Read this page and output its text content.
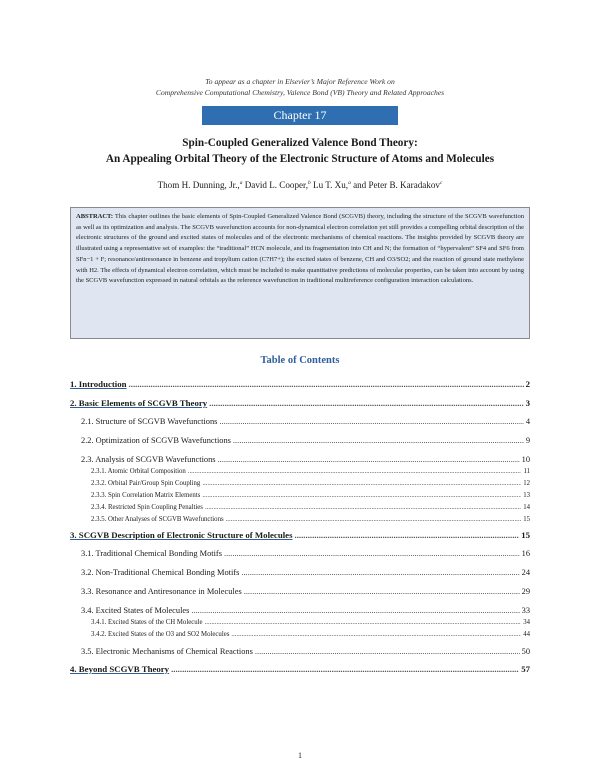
To appear as a chapter in Elsevier’s Major Reference Work on
Comprehensive Computational Chemistry, Valence Bond (VB) Theory and Related Approaches
Chapter 17
Spin-Coupled Generalized Valence Bond Theory:
An Appealing Orbital Theory of the Electronic Structure of Atoms and Molecules
Thom H. Dunning, Jr.,$^a$ David L. Cooper,$^b$ Lu T. Xu,$^a$ and Peter B. Karadakov$^c$
ABSTRACT: This chapter outlines the basic elements of Spin-Coupled Generalized Valence Bond (SCGVB) theory, including the structure of the SCGVB wavefunction as well as its optimization and analysis. The SCGVB wavefunction accounts for non-dynamical electron correlation yet still provides a compelling orbital description of the electronic structures of the ground and excited states of molecules and of the electronic mechanisms of chemical reactions. The insights provided by SCGVB theory are illustrated using a representative set of examples: the “traditional” HCN molecule, and its fragmentation into CH and N; the formation of “hypervalent” SF4 and SF6 from SFn−1 + F; resonance/antiresonance in benzene and tropylium cation (C7H7+); the excited states of benzene, CH and O3/SO2; and the reaction of ground state methylene with H2. The effects of dynamical electron correlation, which must be included to make quantitative predictions of molecular properties, can be taken into account by using the SCGVB wavefunction expressed in natural orbitals as the reference wavefunction in traditional multireference configuration interaction calculations.
Table of Contents
1. Introduction .....	2
2. Basic Elements of SCGVB Theory .....	3
2.1. Structure of SCGVB Wavefunctions .....	4
2.2. Optimization of SCGVB Wavefunctions .....	9
2.3. Analysis of SCGVB Wavefunctions .....	10
2.3.1. Atomic Orbital Composition .....	11
2.3.2. Orbital Pair/Group Spin Coupling .....	12
2.3.3. Spin Correlation Matrix Elements .....	13
2.3.4. Restricted Spin Coupling Penalties .....	14
2.3.5. Other Analyses of SCGVB Wavefunctions .....	15
3. SCGVB Description of Electronic Structure of Molecules .....	15
3.1. Traditional Chemical Bonding Motifs .....	16
3.2. Non-Traditional Chemical Bonding Motifs .....	24
3.3. Resonance and Antiresonance in Molecules .....	29
3.4. Excited States of Molecules .....	33
3.4.1. Excited States of the CH Molecule .....	34
3.4.2. Excited States of the O3 and SO2 Molecules .....	44
3.5. Electronic Mechanisms of Chemical Reactions .....	50
4. Beyond SCGVB Theory .....	57
1
